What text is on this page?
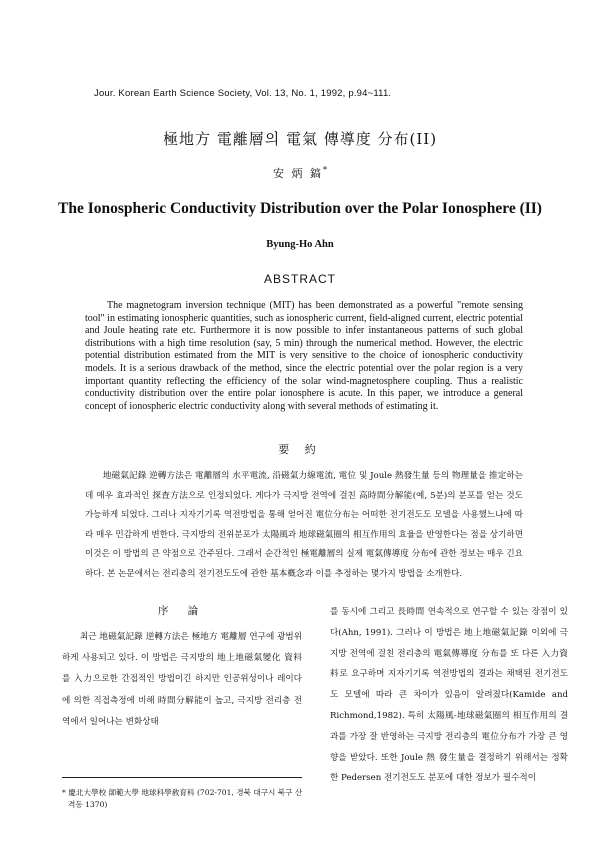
Jour. Korean Earth Science Society, Vol. 13, No. 1, 1992, p.94~111.
極地方 電離層의 電氣 傳導度 分布(II)
安 炳 鎬*
The Ionospheric Conductivity Distribution over the Polar Ionosphere (II)
Byung-Ho Ahn
ABSTRACT

The magnetogram inversion technique (MIT) has been demonstrated as a powerful "remote sensing tool" in estimating ionospheric quantities, such as ionospheric current, field-aligned current, electric potential and Joule heating rate etc. Furthermore it is now possible to infer instantaneous patterns of such global distributions with a high time resolution (say, 5 min) through the numerical method. However, the electric potential distribution estimated from the MIT is very sensitive to the choice of ionospheric conductivity models. It is a serious drawback of the method, since the electric potential over the polar region is a very important quantity reflecting the efficiency of the solar wind-magnetosphere coupling. Thus a realistic conductivity distribution over the entire polar ionosphere is acute. In this paper, we introduce a general concept of ionospheric electric conductivity along with several methods of estimating it.

要 約

地磁氣記錄 逆轉方法은 電離層의 水平電流, 沿磁氣力線電流, 電位 및 Joule 熱發生量 등의 物理量을 推定하는데 매우 효과적인 探査方法으로 인정되었다. 게다가 극지방 전역에 걸친 高時間分解能(예, 5분)의 분포를 얻는 것도 가능하게 되었다. 그러나 지자기기록 역전방법을 통해 얻어진 電位分布는 어떠한 전기전도도 모델을 사용했느냐에 따라 매우 민감하게 변한다. 극지방의 전위분포가 太陽風과 地球磁氣圈의 相互作用의 효율을 반영한다는 점을 상기하면 이것은 이 방법의 큰 약점으로 간주된다. 그래서 순간적인 極電離層의 실제 電氣傳導度 分布에 관한 정보는 매우 긴요하다. 본 논문에서는 전리층의 전기전도도에 관한 基本槪念과 이를 추정하는 몇가지 방법을 소개한다.

序 論

최근 地磁氣記錄 逆轉方法은 極地方 電離層 연구에 광범위하게 사용되고 있다. 이 방법은 극지방의 地上地磁氣變化 資料를 入力으로한 간접적인 방법이긴 하지만 인공위성이나 레이다에 의한 직접측정에 비해 時間分解能이 높고, 극지방 전리층 전역에서 일어나는 변화상태

를 동시에 그리고 長時間 연속적으로 연구할 수 있는 장점이 있다(Ahn, 1991). 그러나 이 방법은 地上地磁氣記錄 이외에 극지방 전역에 걸친 전리층의 電氣傳導度 分布를 또 다른 入力資料로 요구하며 지자기기록 역전방법의 결과는 채택된 전기전도도 모델에 따라 큰 차이가 있음이 알려졌다(Kamide and Richmond,1982). 특히 太陽風-地球磁氣圈의 相互作用의 결과를 가장 잘 반영하는 극지방 전리층의 電位分布가 가장 큰 영향을 받았다. 또한 Joule 熱 發生量을 결정하기 위해서는 정확한 Pedersen 전기전도도 분포에 대한 정보가 필수적이

* 慶北大學校 師範大學 地球科學敎育科 (702-701, 경북 대구시 북구 산격동 1370)
